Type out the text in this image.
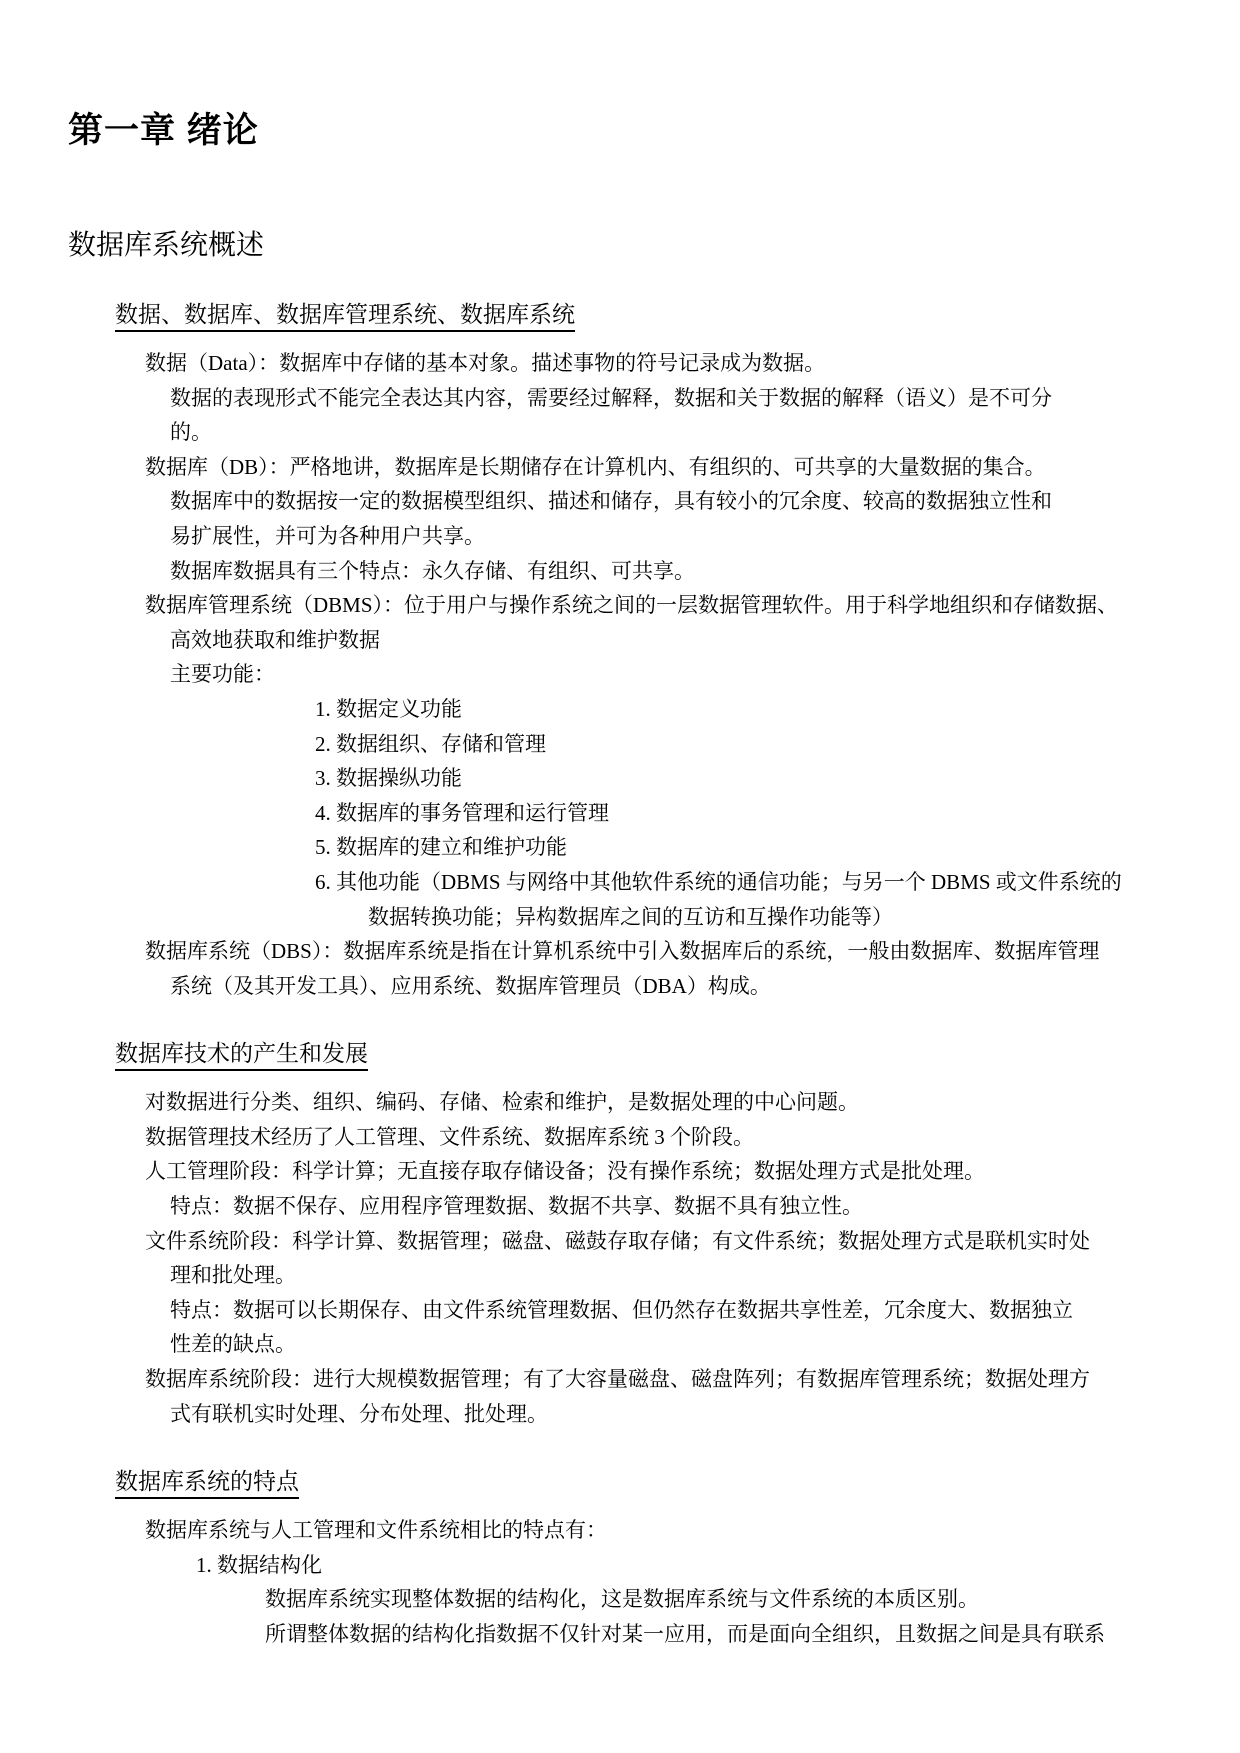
第一章 绪论
数据库系统概述
数据、数据库、数据库管理系统、数据库系统
数据（Data）：数据库中存储的基本对象。描述事物的符号记录成为数据。
数据的表现形式不能完全表达其内容，需要经过解释，数据和关于数据的解释（语义）是不可分
的。
数据库（DB）：严格地讲，数据库是长期储存在计算机内、有组织的、可共享的大量数据的集合。
数据库中的数据按一定的数据模型组织、描述和储存，具有较小的冗余度、较高的数据独立性和
易扩展性，并可为各种用户共享。
数据库数据具有三个特点：永久存储、有组织、可共享。
数据库管理系统（DBMS）：位于用户与操作系统之间的一层数据管理软件。用于科学地组织和存储数据、
高效地获取和维护数据
主要功能：
1. 数据定义功能
2. 数据组织、存储和管理
3. 数据操纵功能
4. 数据库的事务管理和运行管理
5. 数据库的建立和维护功能
6. 其他功能（DBMS 与网络中其他软件系统的通信功能；与另一个 DBMS 或文件系统的
数据转换功能；异构数据库之间的互访和互操作功能等）
数据库系统（DBS）：数据库系统是指在计算机系统中引入数据库后的系统，一般由数据库、数据库管理
系统（及其开发工具）、应用系统、数据库管理员（DBA）构成。
数据库技术的产生和发展
对数据进行分类、组织、编码、存储、检索和维护，是数据处理的中心问题。
数据管理技术经历了人工管理、文件系统、数据库系统 3 个阶段。
人工管理阶段：科学计算；无直接存取存储设备；没有操作系统；数据处理方式是批处理。
特点：数据不保存、应用程序管理数据、数据不共享、数据不具有独立性。
文件系统阶段：科学计算、数据管理；磁盘、磁鼓存取存储；有文件系统；数据处理方式是联机实时处
理和批处理。
特点：数据可以长期保存、由文件系统管理数据、但仍然存在数据共享性差，冗余度大、数据独立
性差的缺点。
数据库系统阶段：进行大规模数据管理；有了大容量磁盘、磁盘阵列；有数据库管理系统；数据处理方
式有联机实时处理、分布处理、批处理。
数据库系统的特点
数据库系统与人工管理和文件系统相比的特点有：
1. 数据结构化
数据库系统实现整体数据的结构化，这是数据库系统与文件系统的本质区别。
所谓整体数据的结构化指数据不仅针对某一应用，而是面向全组织，且数据之间是具有联系
